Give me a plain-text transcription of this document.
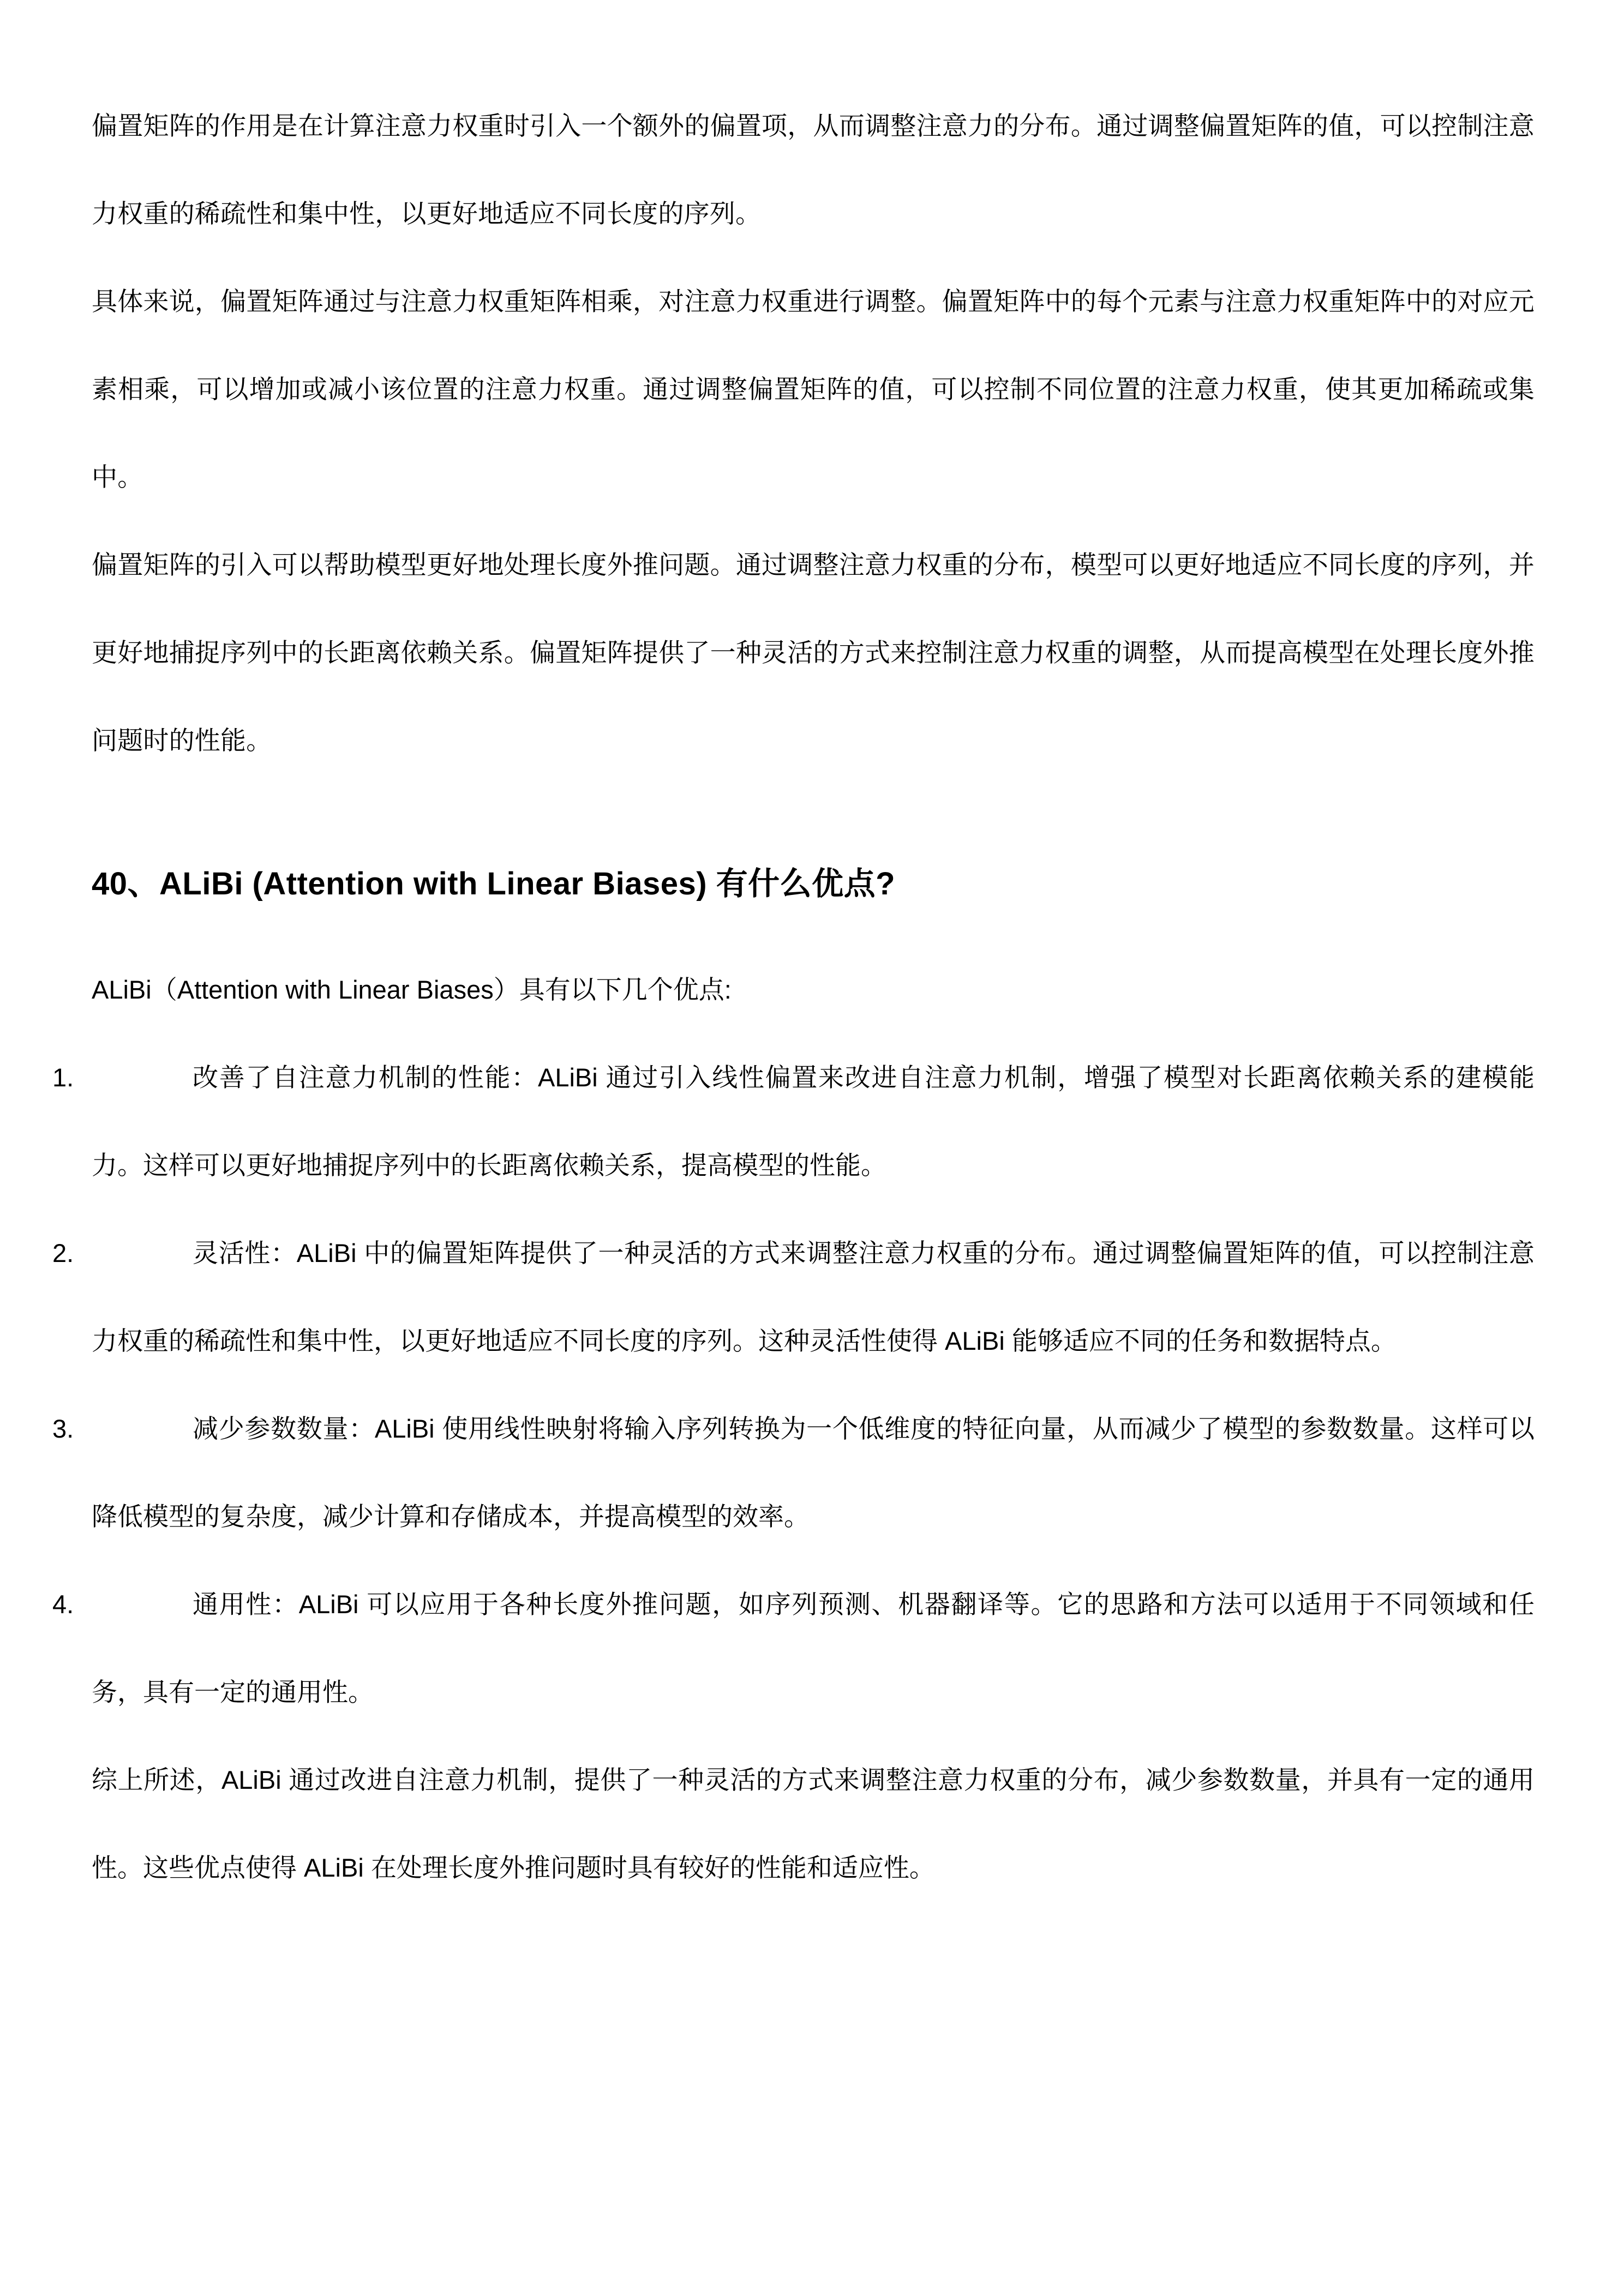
偏置矩阵的作用是在计算注意力权重时引入一个额外的偏置项，从而调整注意力的分布。通过调整偏置矩阵的值，可以控制注意力权重的稀疏性和集中性，以更好地适应不同长度的序列。

具体来说，偏置矩阵通过与注意力权重矩阵相乘，对注意力权重进行调整。偏置矩阵中的每个元素与注意力权重矩阵中的对应元素相乘，可以增加或减小该位置的注意力权重。通过调整偏置矩阵的值，可以控制不同位置的注意力权重，使其更加稀疏或集中。

偏置矩阵的引入可以帮助模型更好地处理长度外推问题。通过调整注意力权重的分布，模型可以更好地适应不同长度的序列，并更好地捕捉序列中的长距离依赖关系。偏置矩阵提供了一种灵活的方式来控制注意力权重的调整，从而提高模型在处理长度外推问题时的性能。

40、ALiBi (Attention with Linear Biases) 有什么优点?

ALiBi（Attention with Linear Biases）具有以下几个优点:

1.	改善了自注意力机制的性能：ALiBi 通过引入线性偏置来改进自注意力机制，增强了模型对长距离依赖关系的建模能力。这样可以更好地捕捉序列中的长距离依赖关系，提高模型的性能。
2.	灵活性：ALiBi 中的偏置矩阵提供了一种灵活的方式来调整注意力权重的分布。通过调整偏置矩阵的值，可以控制注意力权重的稀疏性和集中性，以更好地适应不同长度的序列。这种灵活性使得 ALiBi 能够适应不同的任务和数据特点。
3.	减少参数数量：ALiBi 使用线性映射将输入序列转换为一个低维度的特征向量，从而减少了模型的参数数量。这样可以降低模型的复杂度，减少计算和存储成本，并提高模型的效率。
4.	通用性：ALiBi 可以应用于各种长度外推问题，如序列预测、机器翻译等。它的思路和方法可以适用于不同领域和任务，具有一定的通用性。

综上所述，ALiBi 通过改进自注意力机制，提供了一种灵活的方式来调整注意力权重的分布，减少参数数量，并具有一定的通用性。这些优点使得 ALiBi 在处理长度外推问题时具有较好的性能和适应性。
